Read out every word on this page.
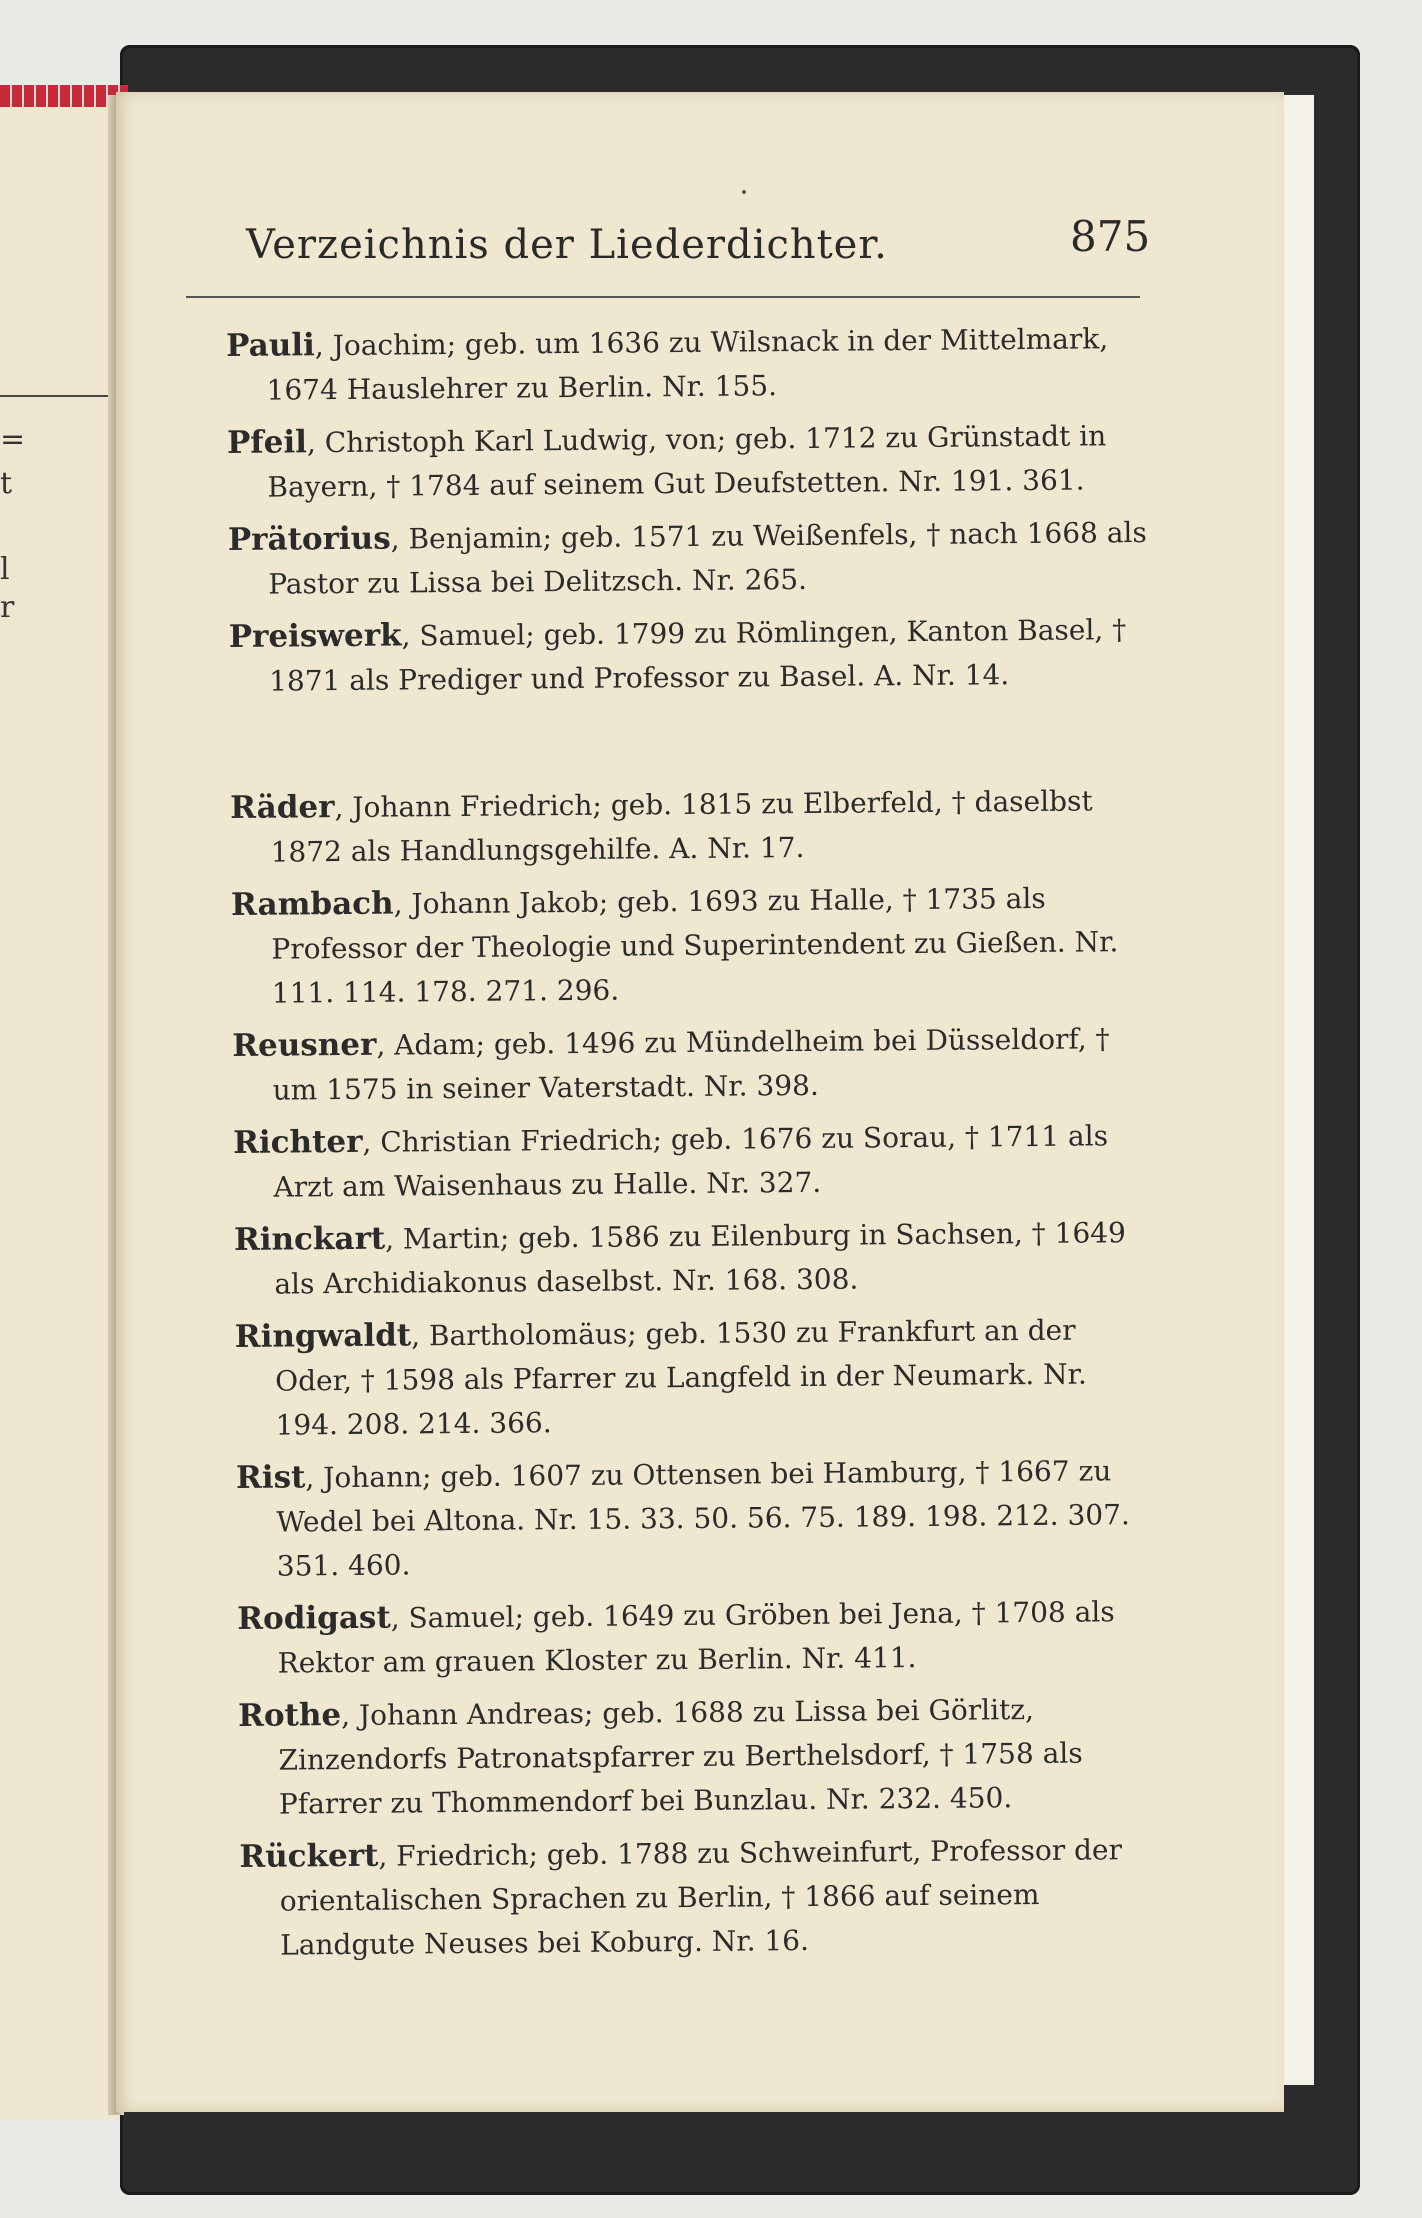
=
t
l
r
Verzeichnis der Liederdichter.	875

Pauli, Joachim; geb. um 1636 zu Wilsnack in der Mittelmark, 1674 Hauslehrer zu Berlin. Nr. 155.

Pfeil, Christoph Karl Ludwig, von; geb. 1712 zu Grünstadt in Bayern, † 1784 auf seinem Gut Deufstetten. Nr. 191. 361.

Prätorius, Benjamin; geb. 1571 zu Weißenfels, † nach 1668 als Pastor zu Lissa bei Delitzsch. Nr. 265.

Preiswerk, Samuel; geb. 1799 zu Römlingen, Kanton Basel, † 1871 als Prediger und Professor zu Basel. A. Nr. 14.

Räder, Johann Friedrich; geb. 1815 zu Elberfeld, † daselbst 1872 als Handlungsgehilfe. A. Nr. 17.

Rambach, Johann Jakob; geb. 1693 zu Halle, † 1735 als Professor der Theologie und Superintendent zu Gießen. Nr. 111. 114. 178. 271. 296.

Reusner, Adam; geb. 1496 zu Mündelheim bei Düsseldorf, † um 1575 in seiner Vaterstadt. Nr. 398.

Richter, Christian Friedrich; geb. 1676 zu Sorau, † 1711 als Arzt am Waisenhaus zu Halle. Nr. 327.

Rinckart, Martin; geb. 1586 zu Eilenburg in Sachsen, † 1649 als Archidiakonus daselbst. Nr. 168. 308.

Ringwaldt, Bartholomäus; geb. 1530 zu Frankfurt an der Oder, † 1598 als Pfarrer zu Langfeld in der Neumark. Nr. 194. 208. 214. 366.

Rist, Johann; geb. 1607 zu Ottensen bei Hamburg, † 1667 zu Wedel bei Altona. Nr. 15. 33. 50. 56. 75. 189. 198. 212. 307. 351. 460.

Rodigast, Samuel; geb. 1649 zu Gröben bei Jena, † 1708 als Rektor am grauen Kloster zu Berlin. Nr. 411.

Rothe, Johann Andreas; geb. 1688 zu Lissa bei Görlitz, Zinzendorfs Patronatspfarrer zu Berthelsdorf, † 1758 als Pfarrer zu Thommendorf bei Bunzlau. Nr. 232. 450.

Rückert, Friedrich; geb. 1788 zu Schweinfurt, Professor der orientalischen Sprachen zu Berlin, † 1866 auf seinem Landgute Neuses bei Koburg. Nr. 16.
